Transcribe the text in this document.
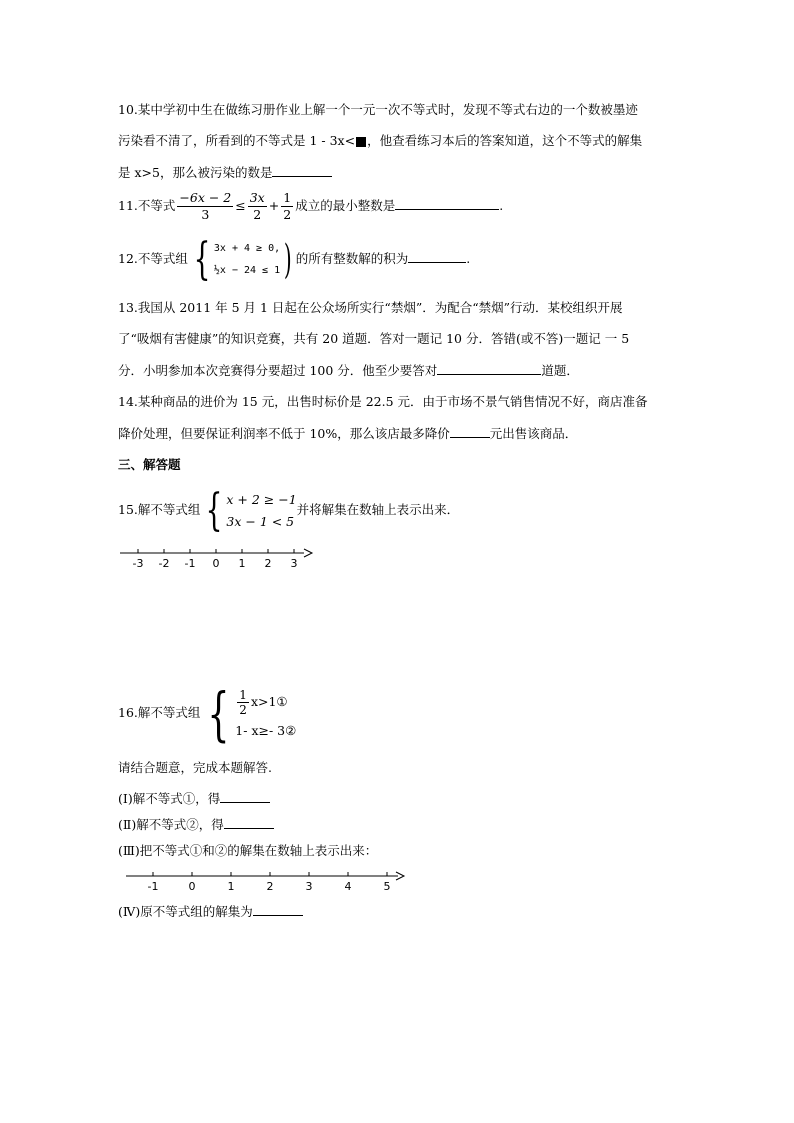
10.某中学初中生在做练习册作业上解一个一元一次不等式时，发现不等式右边的一个数被墨迹
污染看不清了，所看到的不等式是 1 - 3x< ，他查看练习本后的答案知道，这个不等式的解集
是 x>5，那么被污染的数是
11.不等式 $\frac{-6x - 2}{3} \le \frac{3x}{2} + \frac{1}{2}$ 成立的最小整数是	.
12.不等式组 { 3x + 4 ≥ 0,
½x − 24 ≤ 1 ) 的所有整数解的积为	.
13.我国从 2011 年 5 月 1 日起在公众场所实行“禁烟”．为配合“禁烟”行动．某校组织开展
了“吸烟有害健康”的知识竞赛，共有 20 道题．答对一题记 10 分．答错(或不答)一题记 一 5
分．小明参加本次竞赛得分要超过 100 分．他至少要答对	道题．
14.某种商品的进价为 15 元，出售时标价是 22.5 元．由于市场不景气销售情况不好，商店准备
降价处理，但要保证利润率不低于 10%，那么该店最多降价	元出售该商品．
三、解答题
15.解不等式组 { x + 2 ≥ −1
3x − 1 < 5
并将解集在数轴上表示出来．
-3 -2 -1 0 1 2 3
16.解不等式组 { $\frac{1}{2}$ x>1①
1- x≥- 3②
请结合题意，完成本题解答.
(Ⅰ)解不等式①，得
(Ⅱ)解不等式②，得
(Ⅲ)把不等式①和②的解集在数轴上表示出来：
-1	0	1	2	3	4	5
(Ⅳ)原不等式组的解集为
